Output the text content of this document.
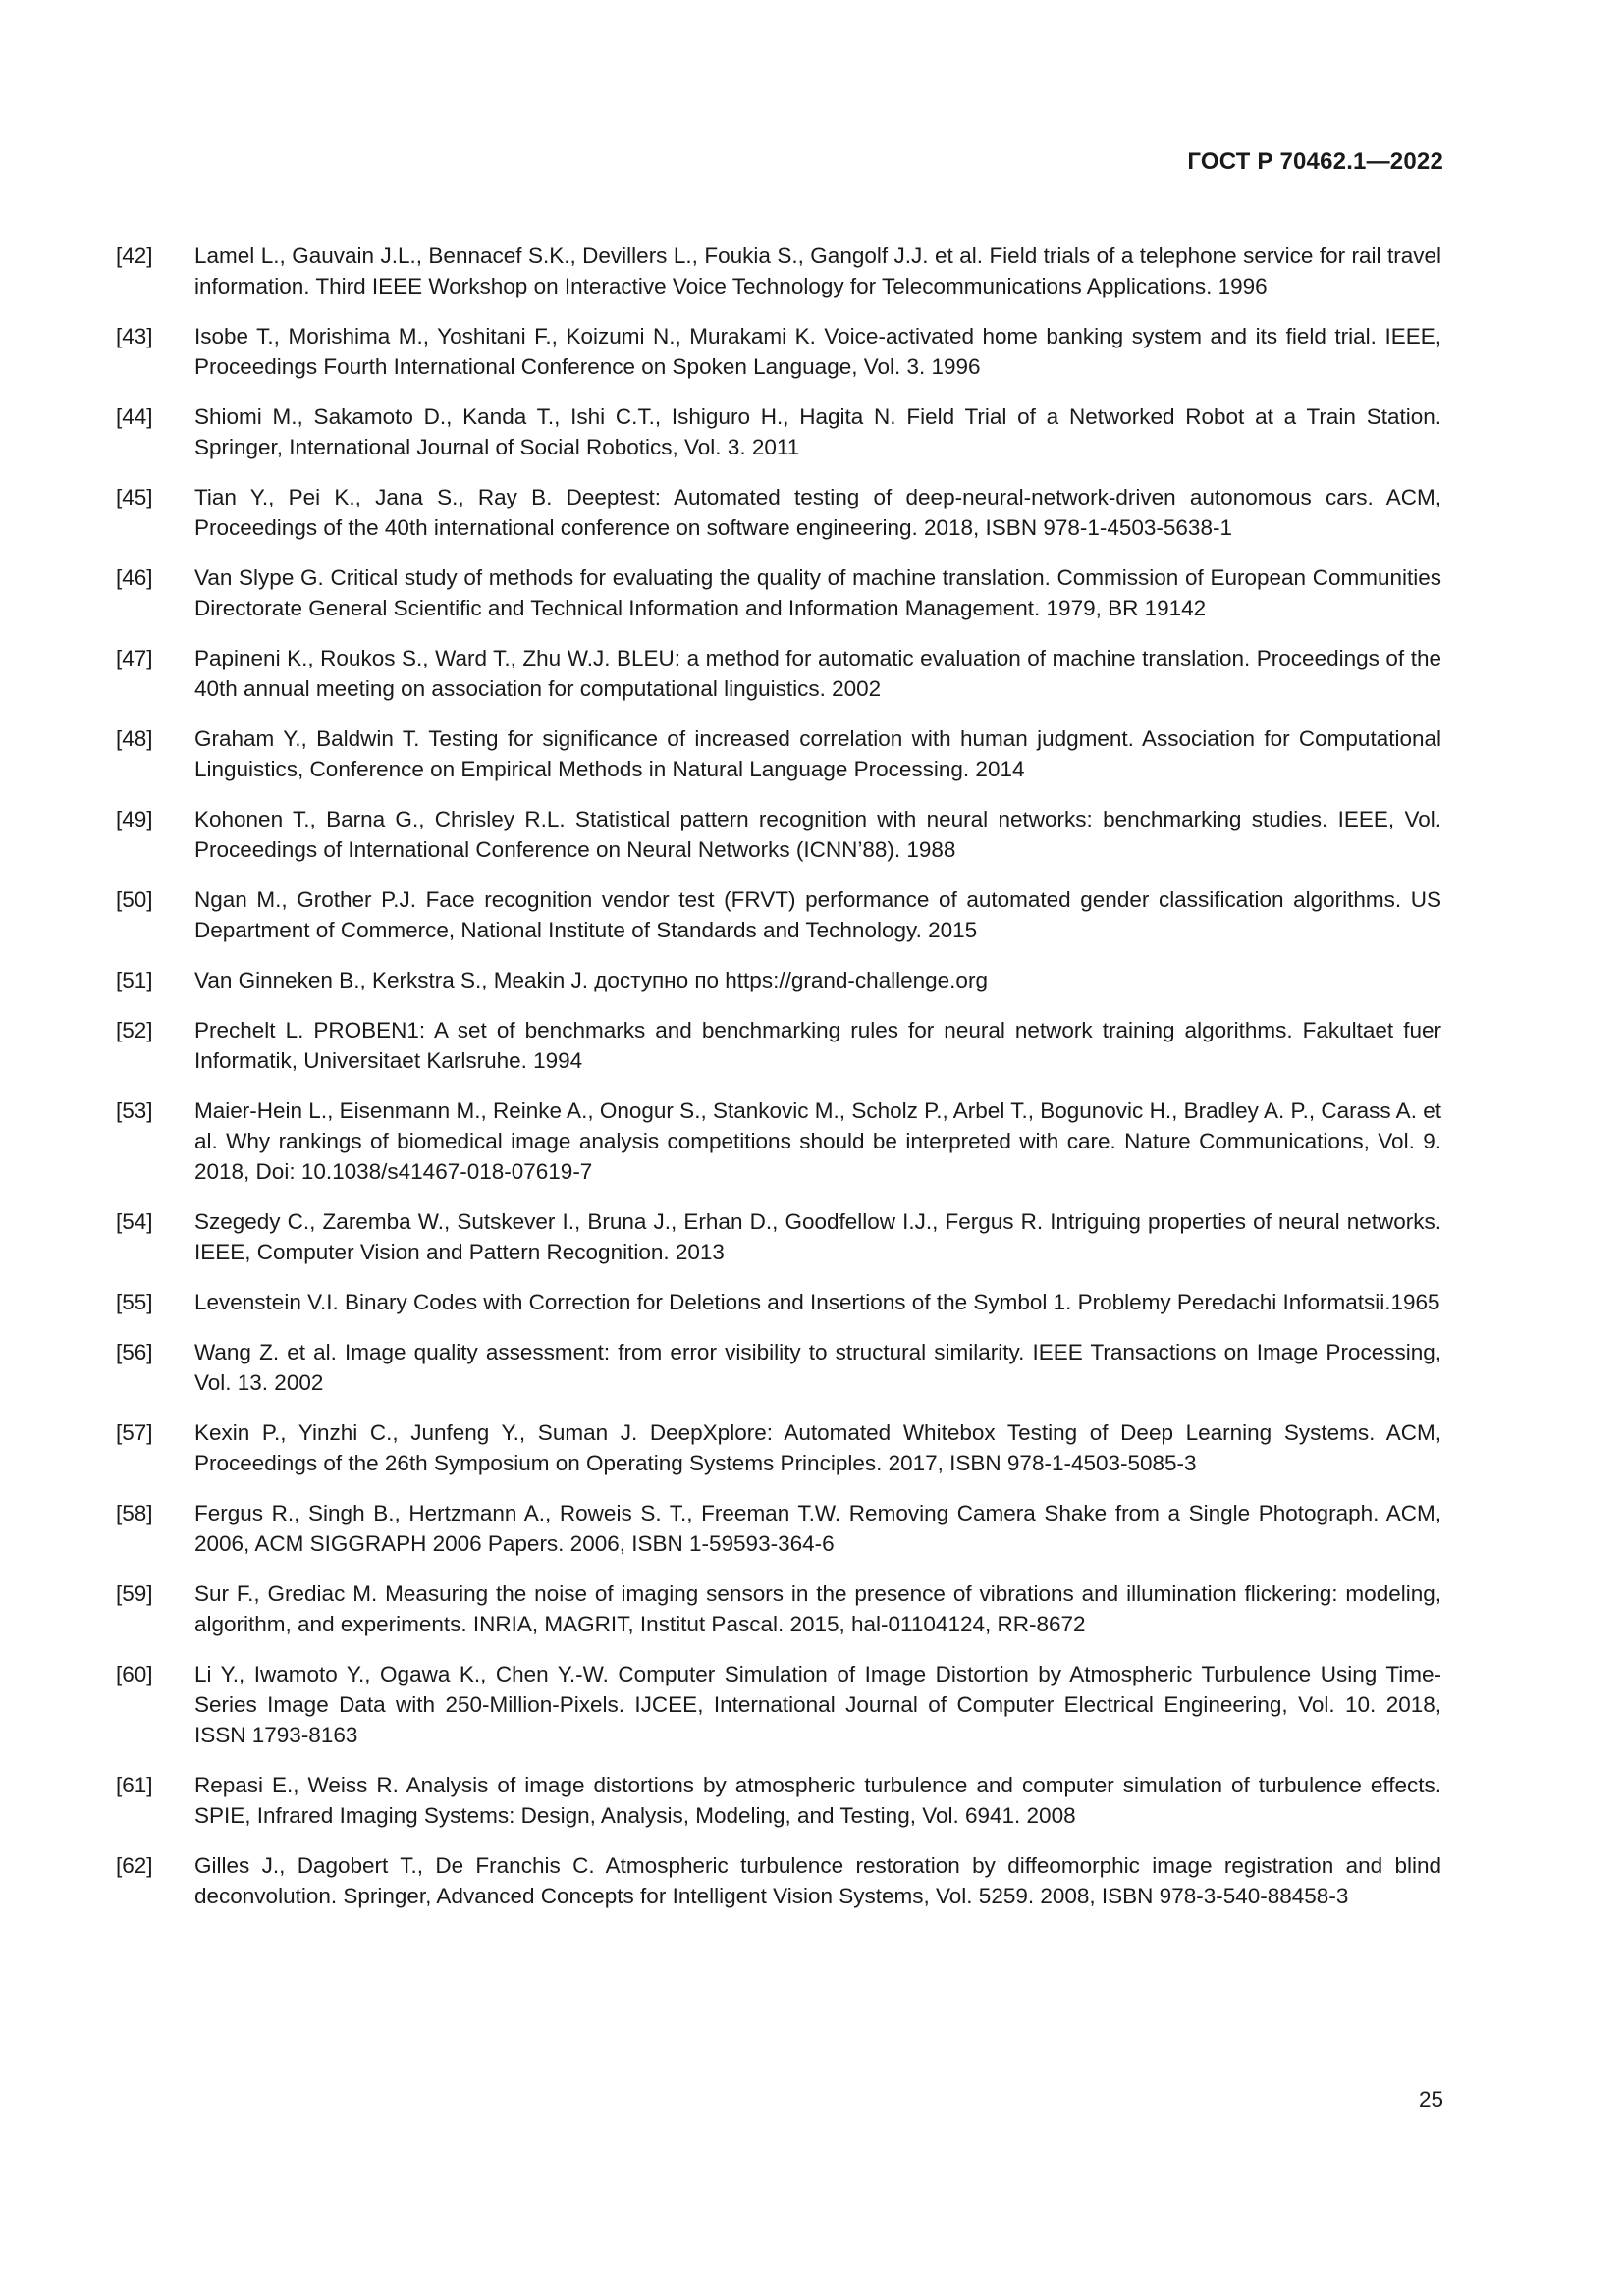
ГОСТ Р 70462.1—2022
[42]	Lamel L., Gauvain J.L., Bennacef S.K., Devillers L., Foukia S., Gangolf J.J. et al. Field trials of a telephone service for rail travel information. Third IEEE Workshop on Interactive Voice Technology for Telecommunications Applications. 1996
[43]	Isobe T., Morishima M., Yoshitani F., Koizumi N., Murakami K. Voice-activated home banking system and its field trial. IEEE, Proceedings Fourth International Conference on Spoken Language, Vol. 3. 1996
[44]	Shiomi M., Sakamoto D., Kanda T., Ishi C.T., Ishiguro H., Hagita N. Field Trial of a Networked Robot at a Train Station. Springer, International Journal of Social Robotics, Vol. 3. 2011
[45]	Tian Y., Pei K., Jana S., Ray B. Deeptest: Automated testing of deep-neural-network-driven autonomous cars. ACM, Proceedings of the 40th international conference on software engineering. 2018, ISBN 978-1-4503-5638-1
[46]	Van Slype G. Critical study of methods for evaluating the quality of machine translation. Commission of European Communities Directorate General Scientific and Technical Information and Information Management. 1979, BR 19142
[47]	Papineni K., Roukos S., Ward T., Zhu W.J. BLEU: a method for automatic evaluation of machine translation. Proceedings of the 40th annual meeting on association for computational linguistics. 2002
[48]	Graham Y., Baldwin T. Testing for significance of increased correlation with human judgment. Association for Computational Linguistics, Conference on Empirical Methods in Natural Language Processing. 2014
[49]	Kohonen T., Barna G., Chrisley R.L. Statistical pattern recognition with neural networks: benchmarking studies. IEEE, Vol. Proceedings of International Conference on Neural Networks (ICNN’88). 1988
[50]	Ngan M., Grother P.J. Face recognition vendor test (FRVT) performance of automated gender classification algorithms. US Department of Commerce, National Institute of Standards and Technology. 2015
[51]	Van Ginneken B., Kerkstra S., Meakin J. доступно по https://grand-challenge.org
[52]	Prechelt L. PROBEN1: A set of benchmarks and benchmarking rules for neural network training algorithms. Fakultaet fuer Informatik, Universitaet Karlsruhe. 1994
[53]	Maier-Hein L., Eisenmann M., Reinke A., Onogur S., Stankovic M., Scholz P., Arbel T., Bogunovic H., Bradley A. P., Carass A. et al. Why rankings of biomedical image analysis competitions should be interpreted with care. Nature Communications, Vol. 9. 2018, Doi: 10.1038/s41467-018-07619-7
[54]	Szegedy C., Zaremba W., Sutskever I., Bruna J., Erhan D., Goodfellow I.J., Fergus R. Intriguing properties of neural networks. IEEE, Computer Vision and Pattern Recognition. 2013
[55]	Levenstein V.I. Binary Codes with Correction for Deletions and Insertions of the Symbol 1. Problemy Peredachi Informatsii.1965
[56]	Wang Z. et al. Image quality assessment: from error visibility to structural similarity. IEEE Transactions on Image Processing, Vol. 13. 2002
[57]	Kexin P., Yinzhi C., Junfeng Y., Suman J. DeepXplore: Automated Whitebox Testing of Deep Learning Systems. ACM, Proceedings of the 26th Symposium on Operating Systems Principles. 2017, ISBN 978-1-4503-5085-3
[58]	Fergus R., Singh B., Hertzmann A., Roweis S. T., Freeman T.W. Removing Camera Shake from a Single Photograph. ACM, 2006, ACM SIGGRAPH 2006 Papers. 2006, ISBN 1-59593-364-6
[59]	Sur F., Grediac M. Measuring the noise of imaging sensors in the presence of vibrations and illumination flickering: modeling, algorithm, and experiments. INRIA, MAGRIT, Institut Pascal. 2015, hal-01104124, RR-8672
[60]	Li Y., Iwamoto Y., Ogawa K., Chen Y.-W. Computer Simulation of Image Distortion by Atmospheric Turbulence Using Time-Series Image Data with 250-Million-Pixels. IJCEE, International Journal of Computer Electrical Engineering, Vol. 10. 2018, ISSN 1793-8163
[61]	Repasi E., Weiss R. Analysis of image distortions by atmospheric turbulence and computer simulation of turbulence effects. SPIE, Infrared Imaging Systems: Design, Analysis, Modeling, and Testing, Vol. 6941. 2008
[62]	Gilles J., Dagobert T., De Franchis C. Atmospheric turbulence restoration by diffeomorphic image registration and blind deconvolution. Springer, Advanced Concepts for Intelligent Vision Systems, Vol. 5259. 2008, ISBN 978-3-540-88458-3
25
